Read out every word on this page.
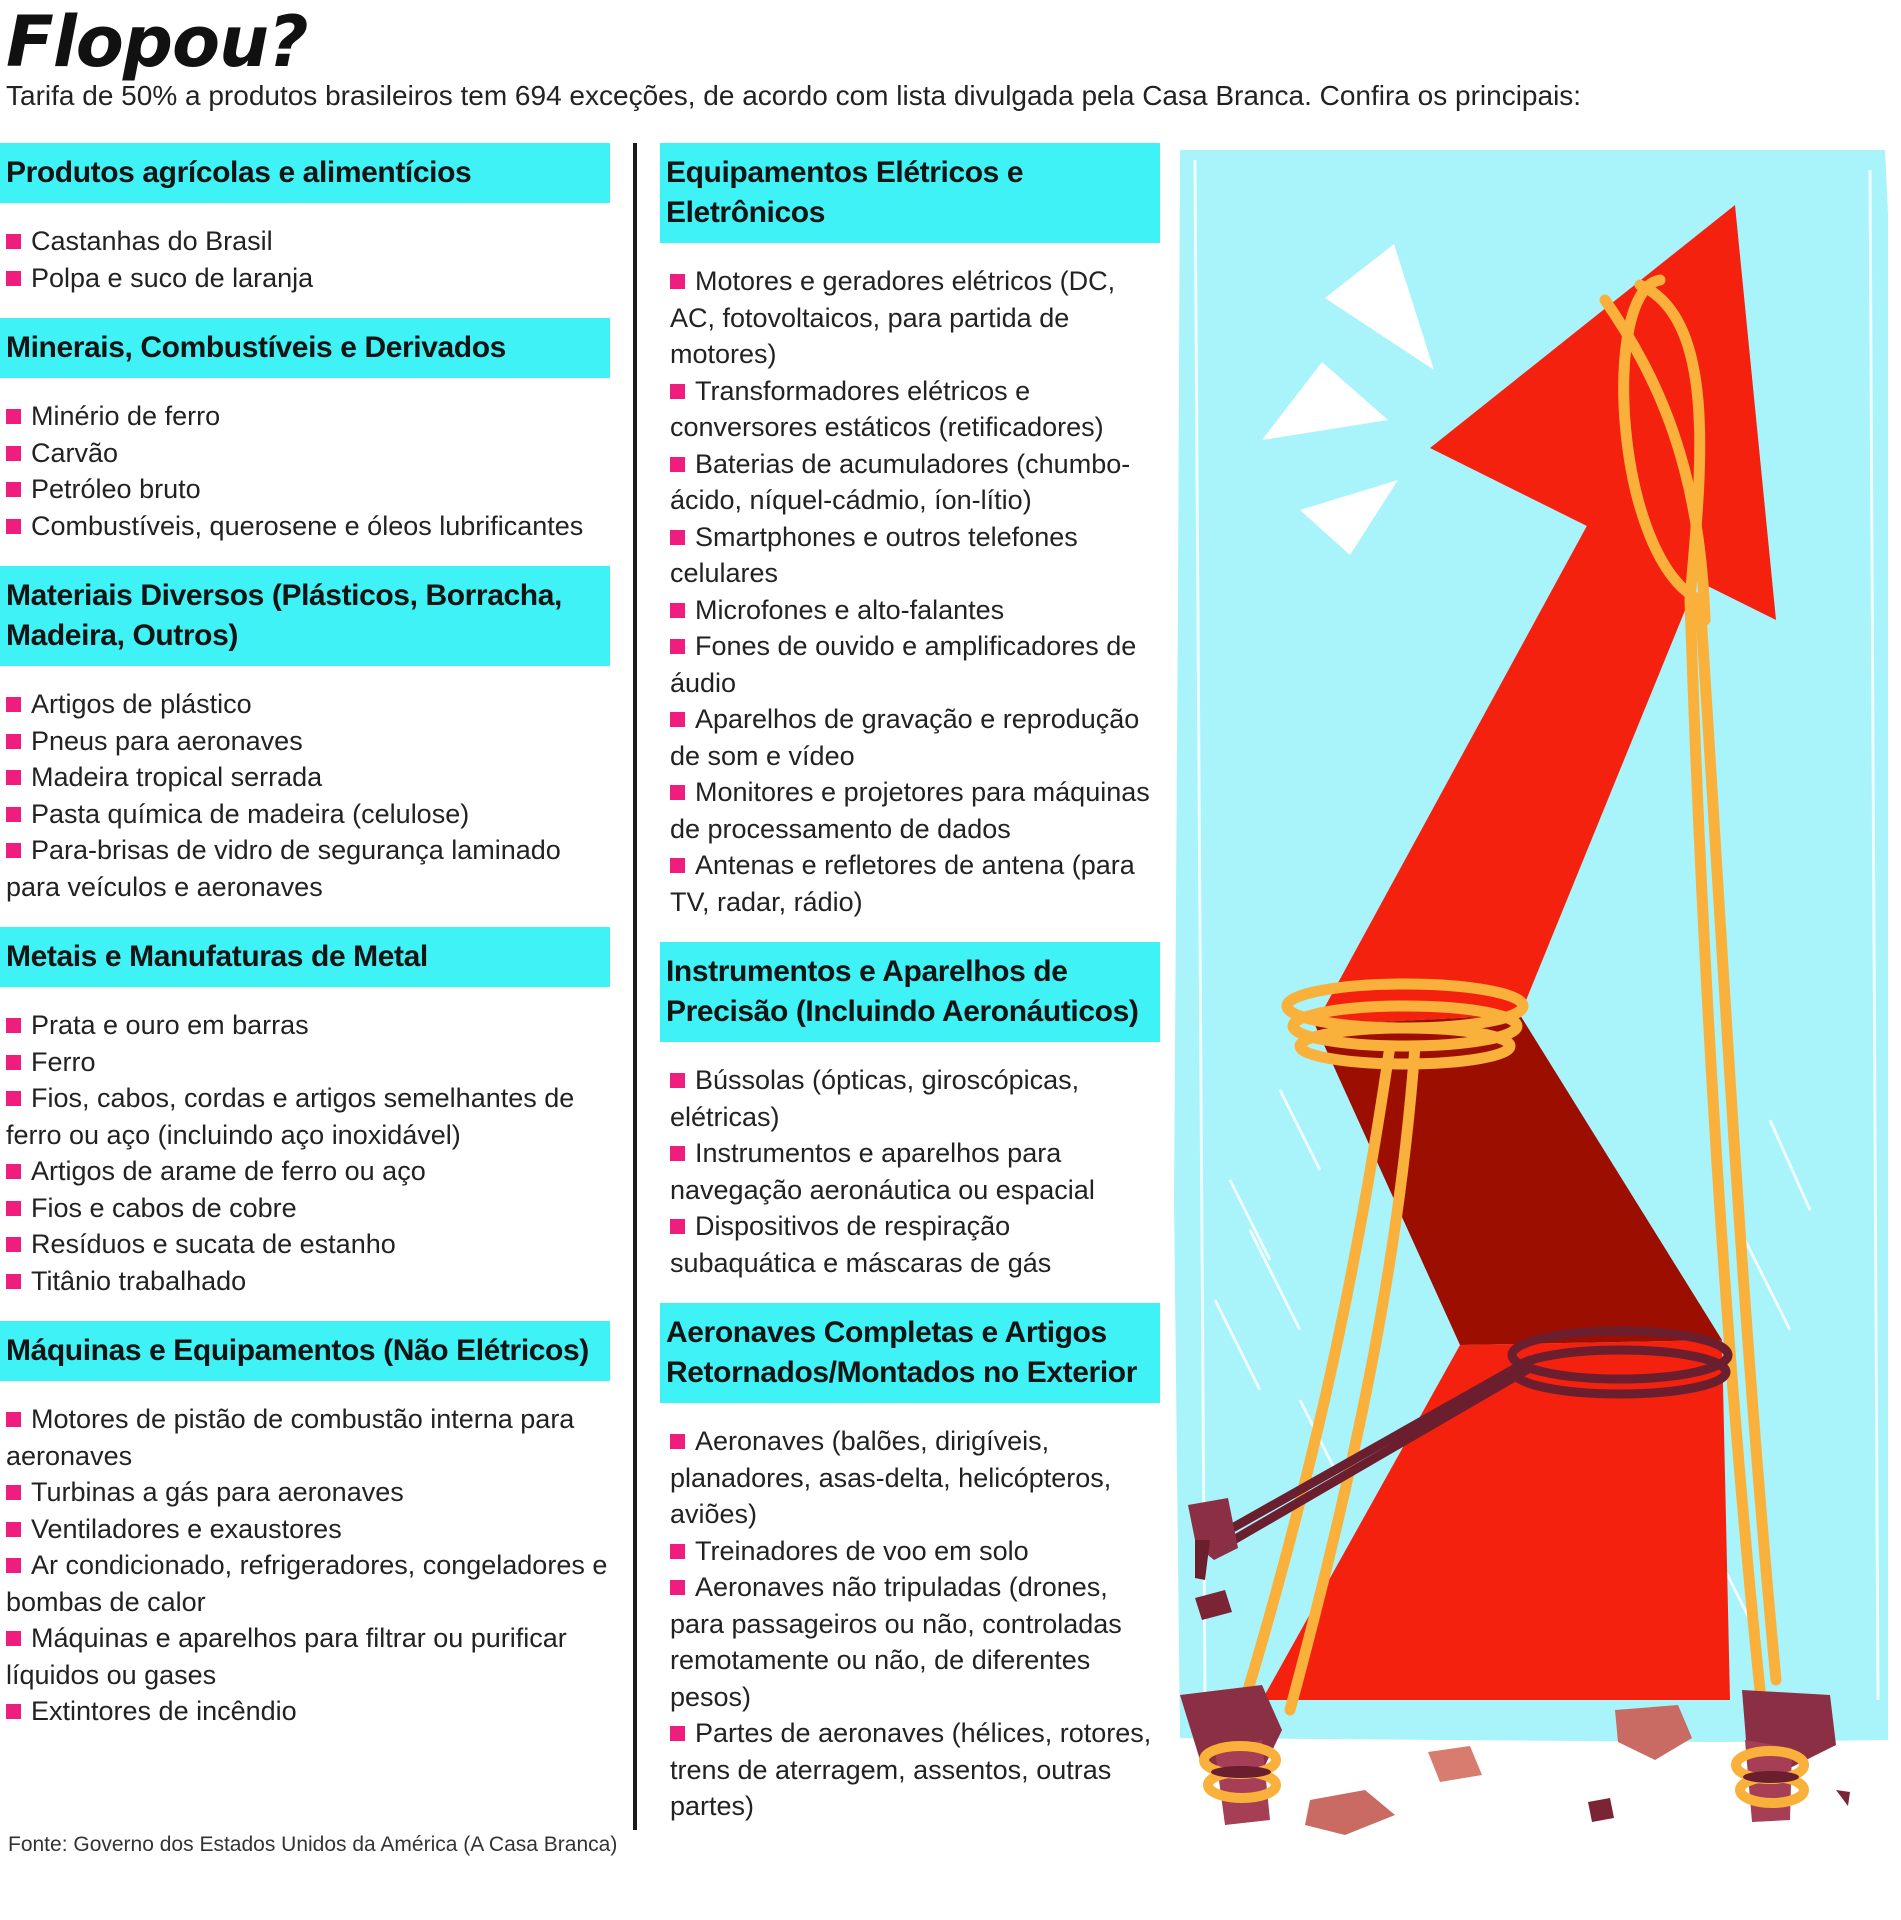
Flopou?

Tarifa de 50% a produtos brasileiros tem 694 exceções, de acordo com lista divulgada pela Casa Branca. Confira os principais:

Produtos agrícolas e alimentícios
Castanhas do Brasil
Polpa e suco de laranja
Minerais, Combustíveis e Derivados
Minério de ferro
Carvão
Petróleo bruto
Combustíveis, querosene e óleos lubrificantes
Materiais Diversos (Plásticos, Borracha, Madeira, Outros)
Artigos de plástico
Pneus para aeronaves
Madeira tropical serrada
Pasta química de madeira (celulose)
Para-brisas de vidro de segurança laminado para veículos e aeronaves
Metais e Manufaturas de Metal
Prata e ouro em barras
Ferro
Fios, cabos, cordas e artigos semelhantes de ferro ou aço (incluindo aço inoxidável)
Artigos de arame de ferro ou aço
Fios e cabos de cobre
Resíduos e sucata de estanho
Titânio trabalhado
Máquinas e Equipamentos (Não Elétricos)
Motores de pistão de combustão interna para aeronaves
Turbinas a gás para aeronaves
Ventiladores e exaustores
Ar condicionado, refrigeradores, congeladores e bombas de calor
Máquinas e aparelhos para filtrar ou purificar líquidos ou gases
Extintores de incêndio
Equipamentos Elétricos e Eletrônicos
Motores e geradores elétricos (DC, AC, fotovoltaicos, para partida de motores)
Transformadores elétricos e conversores estáticos (retificadores)
Baterias de acumuladores (chumbo-ácido, níquel-cádmio, íon-lítio)
Smartphones e outros telefones celulares
Microfones e alto-falantes
Fones de ouvido e amplificadores de áudio
Aparelhos de gravação e reprodução de som e vídeo
Monitores e projetores para máquinas de processamento de dados
Antenas e refletores de antena (para TV, radar, rádio)
Instrumentos e Aparelhos de Precisão (Incluindo Aeronáuticos)
Bússolas (ópticas, giroscópicas, elétricas)
Instrumentos e aparelhos para navegação aeronáutica ou espacial
Dispositivos de respiração subaquática e máscaras de gás
Aeronaves Completas e Artigos Retornados/Montados no Exterior
Aeronaves (balões, dirigíveis, planadores, asas-delta, helicópteros, aviões)
Treinadores de voo em solo
Aeronaves não tripuladas (drones, para passageiros ou não, controladas remotamente ou não, de diferentes pesos)
Partes de aeronaves (hélices, rotores, trens de aterragem, assentos, outras partes)

Fonte: Governo dos Estados Unidos da América (A Casa Branca)
